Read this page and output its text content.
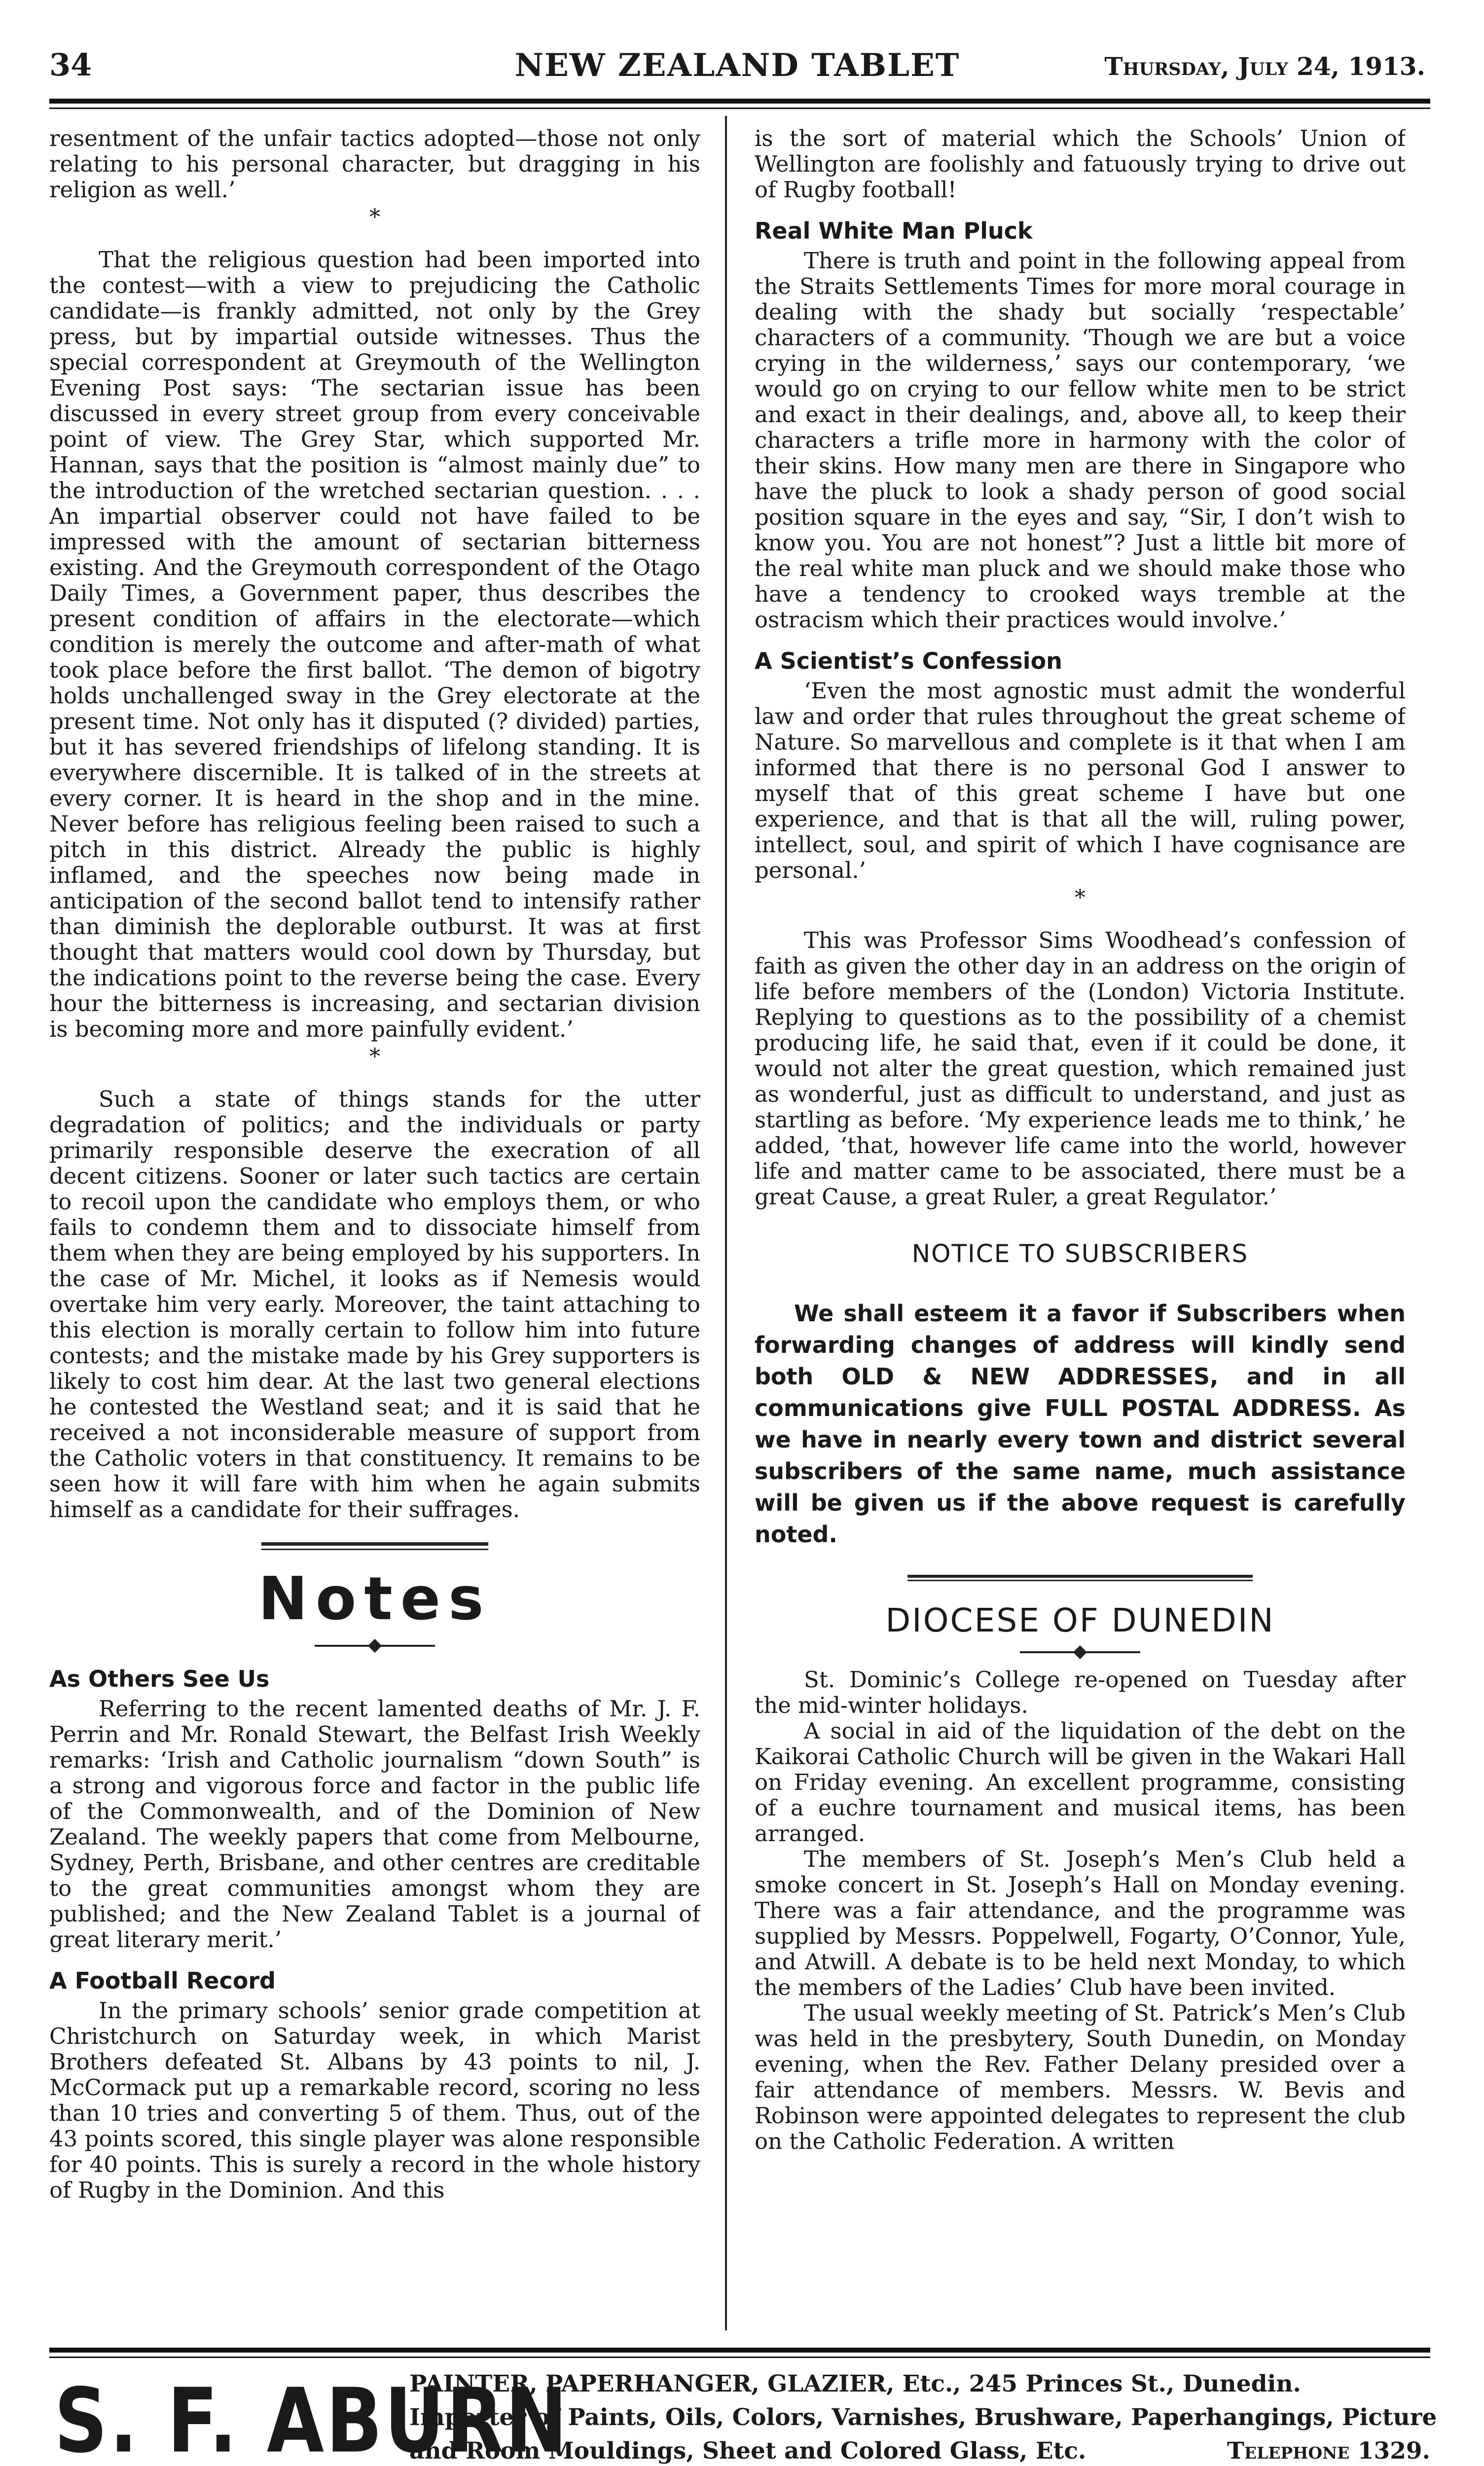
34	NEW ZEALAND TABLET	Thursday, July 24, 1913.

resentment of the unfair tactics adopted—those not only relating to his personal character, but dragging in his religion as well.’

*

That the religious question had been imported into the contest—with a view to prejudicing the Catholic candidate—is frankly admitted, not only by the Grey press, but by impartial outside witnesses. Thus the special correspondent at Greymouth of the Wellington Evening Post says: ‘The sectarian issue has been discussed in every street group from every conceivable point of view. The Grey Star, which supported Mr. Hannan, says that the position is “almost mainly due” to the introduction of the wretched sectarian question. . . . An impartial observer could not have failed to be impressed with the amount of sectarian bitterness existing. And the Greymouth correspondent of the Otago Daily Times, a Government paper, thus describes the present condition of affairs in the electorate—which condition is merely the outcome and after-math of what took place before the first ballot. ‘The demon of bigotry holds unchallenged sway in the Grey electorate at the present time. Not only has it disputed (? divided) parties, but it has severed friendships of lifelong standing. It is everywhere discernible. It is talked of in the streets at every corner. It is heard in the shop and in the mine. Never before has religious feeling been raised to such a pitch in this district. Already the public is highly inflamed, and the speeches now being made in anticipation of the second ballot tend to intensify rather than diminish the deplorable outburst. It was at first thought that matters would cool down by Thursday, but the indications point to the reverse being the case. Every hour the bitterness is increasing, and sectarian division is becoming more and more painfully evident.’

*

Such a state of things stands for the utter degradation of politics; and the individuals or party primarily responsible deserve the execration of all decent citizens. Sooner or later such tactics are certain to recoil upon the candidate who employs them, or who fails to condemn them and to dissociate himself from them when they are being employed by his supporters. In the case of Mr. Michel, it looks as if Nemesis would overtake him very early. Moreover, the taint attaching to this election is morally certain to follow him into future contests; and the mistake made by his Grey supporters is likely to cost him dear. At the last two general elections he contested the Westland seat; and it is said that he received a not inconsiderable measure of support from the Catholic voters in that constituency. It remains to be seen how it will fare with him when he again submits himself as a candidate for their suffrages.

Notes
As Others See Us

Referring to the recent lamented deaths of Mr. J. F. Perrin and Mr. Ronald Stewart, the Belfast Irish Weekly remarks: ‘Irish and Catholic journalism “down South” is a strong and vigorous force and factor in the public life of the Commonwealth, and of the Dominion of New Zealand. The weekly papers that come from Melbourne, Sydney, Perth, Brisbane, and other centres are creditable to the great communities amongst whom they are published; and the New Zealand Tablet is a journal of great literary merit.’

A Football Record

In the primary schools’ senior grade competition at Christchurch on Saturday week, in which Marist Brothers defeated St. Albans by 43 points to nil, J. McCormack put up a remarkable record, scoring no less than 10 tries and converting 5 of them. Thus, out of the 43 points scored, this single player was alone responsible for 40 points. This is surely a record in the whole history of Rugby in the Dominion. And this

is the sort of material which the Schools’ Union of Wellington are foolishly and fatuously trying to drive out of Rugby football!

Real White Man Pluck

There is truth and point in the following appeal from the Straits Settlements Times for more moral courage in dealing with the shady but socially ‘respectable’ characters of a community. ‘Though we are but a voice crying in the wilderness,’ says our contemporary, ‘we would go on crying to our fellow white men to be strict and exact in their dealings, and, above all, to keep their characters a trifle more in harmony with the color of their skins. How many men are there in Singapore who have the pluck to look a shady person of good social position square in the eyes and say, “Sir, I don’t wish to know you. You are not honest”? Just a little bit more of the real white man pluck and we should make those who have a tendency to crooked ways tremble at the ostracism which their practices would involve.’

A Scientist’s Confession

‘Even the most agnostic must admit the wonderful law and order that rules throughout the great scheme of Nature. So marvellous and complete is it that when I am informed that there is no personal God I answer to myself that of this great scheme I have but one experience, and that is that all the will, ruling power, intellect, soul, and spirit of which I have cognisance are personal.’

*

This was Professor Sims Woodhead’s confession of faith as given the other day in an address on the origin of life before members of the (London) Victoria Institute. Replying to questions as to the possibility of a chemist producing life, he said that, even if it could be done, it would not alter the great question, which remained just as wonderful, just as difficult to understand, and just as startling as before. ‘My experience leads me to think,’ he added, ‘that, however life came into the world, however life and matter came to be associated, there must be a great Cause, a great Ruler, a great Regulator.’

NOTICE TO SUBSCRIBERS

We shall esteem it a favor if Subscribers when forwarding changes of address will kindly send both OLD & NEW ADDRESSES, and in all communications give FULL POSTAL ADDRESS. As we have in nearly every town and district several subscribers of the same name, much assistance will be given us if the above request is carefully noted.

DIOCESE OF DUNEDIN

St. Dominic’s College re-opened on Tuesday after the mid-winter holidays.

A social in aid of the liquidation of the debt on the Kaikorai Catholic Church will be given in the Wakari Hall on Friday evening. An excellent programme, consisting of a euchre tournament and musical items, has been arranged.

The members of St. Joseph’s Men’s Club held a smoke concert in St. Joseph’s Hall on Monday evening. There was a fair attendance, and the programme was supplied by Messrs. Poppelwell, Fogarty, O’Connor, Yule, and Atwill. A debate is to be held next Monday, to which the members of the Ladies’ Club have been invited.

The usual weekly meeting of St. Patrick’s Men’s Club was held in the presbytery, South Dunedin, on Monday evening, when the Rev. Father Delany presided over a fair attendance of members. Messrs. W. Bevis and Robinson were appointed delegates to represent the club on the Catholic Federation. A written

S. F. ABURN
PAINTER, PAPERHANGER, GLAZIER, Etc., 245 Princes St., Dunedin.
Importer of Paints, Oils, Colors, Varnishes, Brushware, Paperhangings, Picture
and Room Mouldings, Sheet and Colored Glass, Etc.	Telephone 1329.
